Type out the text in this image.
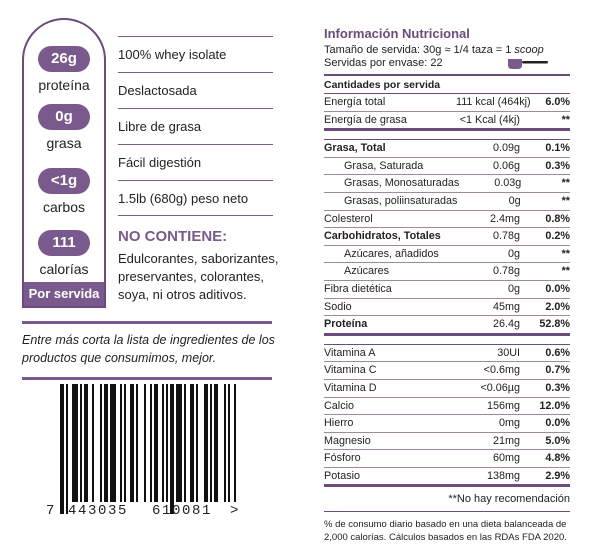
26g
proteína
0g
grasa
<1g
carbos
111
calorías
Por servida
100% whey isolate
Deslactosada
Libre de grasa
Fácil digestión
1.5lb (680g) peso neto
NO CONTIENE:
Edulcorantes, saborizantes, preservantes, colorantes, soya, ni otros aditivos.
Entre más corta la lista de ingredientes de los productos que consumimos, mejor.
7 443035 610081 >
Información Nutricional
Tamaño de servida: 30g ≈ 1/4 taza = 1 scoop
Servidas por envase: 22
Cantidades por servida
Energía total	111 kcal (464kj)	6.0%
Energía de grasa	<1 Kcal (4kj)	**
Grasa, Total	0.09g	0.1%
Grasa, Saturada	0.06g	0.3%
Grasas, Monosaturadas	0.03g	**
Grasas, poliinsaturadas	0g	**
Colesterol	2.4mg	0.8%
Carbohidratos, Totales	0.78g	0.2%
Azúcares, añadidos	0g	**
Azúcares	0.78g	**
Fibra dietética	0g	0.0%
Sodio	45mg	2.0%
Proteína	26.4g	52.8%
Vitamina A	30UI	0.6%
Vitamina C	<0.6mg	0.7%
Vitamina D	<0.06µg	0.3%
Calcio	156mg	12.0%
Hierro	0mg	0.0%
Magnesio	21mg	5.0%
Fósforo	60mg	4.8%
Potasio	138mg	2.9%
**No hay recomendación
% de consumo diario basado en una dieta balanceada de 2,000 calorías. Cálculos basados en las RDAs FDA 2020.
